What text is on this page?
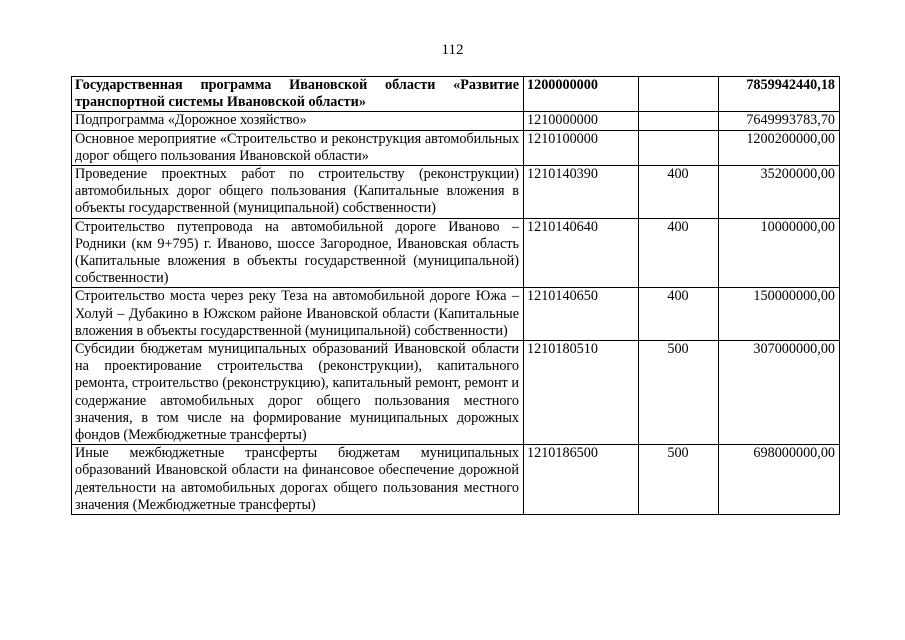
112
Государственная программа Ивановской области «Развитие транспортной системы Ивановской области»	1200000000		7859942440,18
Подпрограмма «Дорожное хозяйство»	1210000000		7649993783,70
Основное мероприятие «Строительство и реконструкция автомобильных дорог общего пользования Ивановской области»	1210100000		1200200000,00
Проведение проектных работ по строительству (реконструкции) автомобильных дорог общего пользования (Капитальные вложения в объекты государственной (муниципальной) собственности)	1210140390	400	35200000,00
Строительство путепровода на автомобильной дороге Иваново – Родники (км 9+795) г. Иваново, шоссе Загородное, Ивановская область (Капитальные вложения в объекты государственной (муниципальной) собственности)	1210140640	400	10000000,00
Строительство моста через реку Теза на автомобильной дороге Южа – Холуй – Дубакино в Южском районе Ивановской области (Капитальные вложения в объекты государственной (муниципальной) собственности)	1210140650	400	150000000,00
Субсидии бюджетам муниципальных образований Ивановской области на проектирование строительства (реконструкции), капитального ремонта, строительство (реконструкцию), капитальный ремонт, ремонт и содержание автомобильных дорог общего пользования местного значения, в том числе на формирование муниципальных дорожных фондов (Межбюджетные трансферты)	1210180510	500	307000000,00
Иные межбюджетные трансферты бюджетам муниципальных образований Ивановской области на финансовое обеспечение дорожной деятельности на автомобильных дорогах общего пользования местного значения (Межбюджетные трансферты)	1210186500	500	698000000,00
